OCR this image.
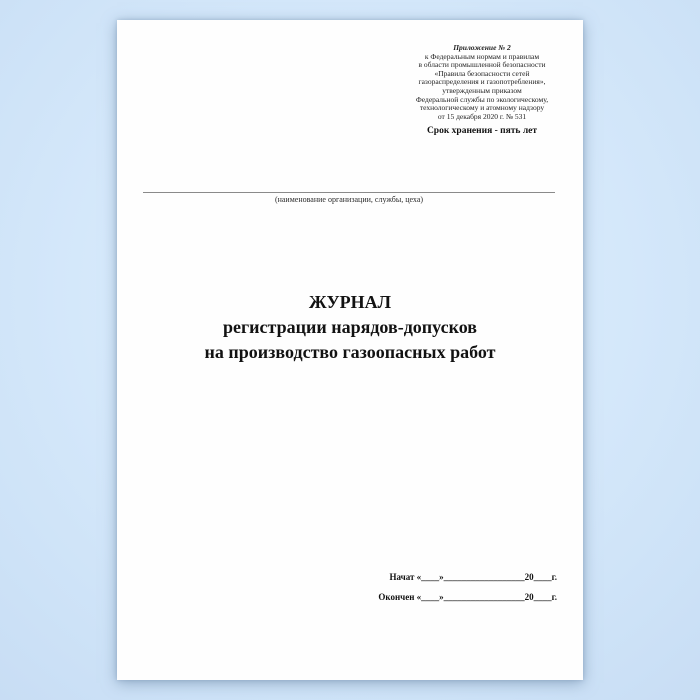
Приложение № 2
к Федеральным нормам и правилам
в области промышленной безопасности
«Правила безопасности сетей
газораспределения и газопотребления»,
утвержденным приказом
Федеральной службы по экологическому,
технологическому и атомному надзору
от 15 декабря 2020 г. № 531
Срок хранения - пять лет
(наименование организации, службы, цеха)
ЖУРНАЛ
регистрации нарядов-допусков
на производство газоопасных работ
Начат «____»__________________20____г.
Окончен «____»__________________20____г.
